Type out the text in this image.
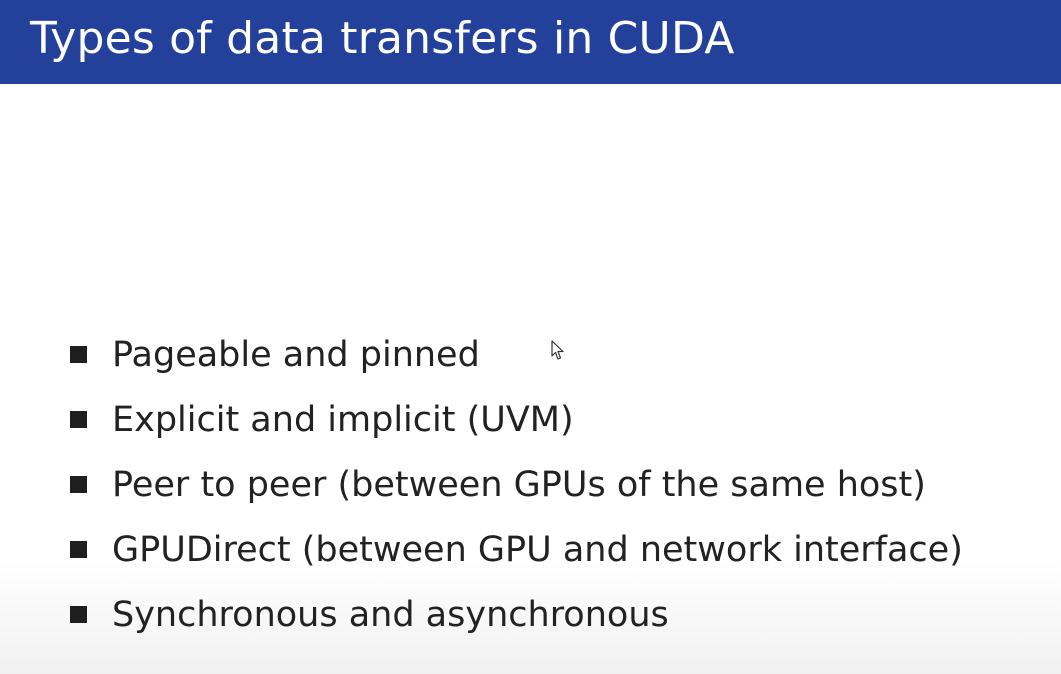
Types of data transfers in CUDA
Pageable and pinned
Explicit and implicit (UVM)
Peer to peer (between GPUs of the same host)
GPUDirect (between GPU and network interface)
Synchronous and asynchronous
